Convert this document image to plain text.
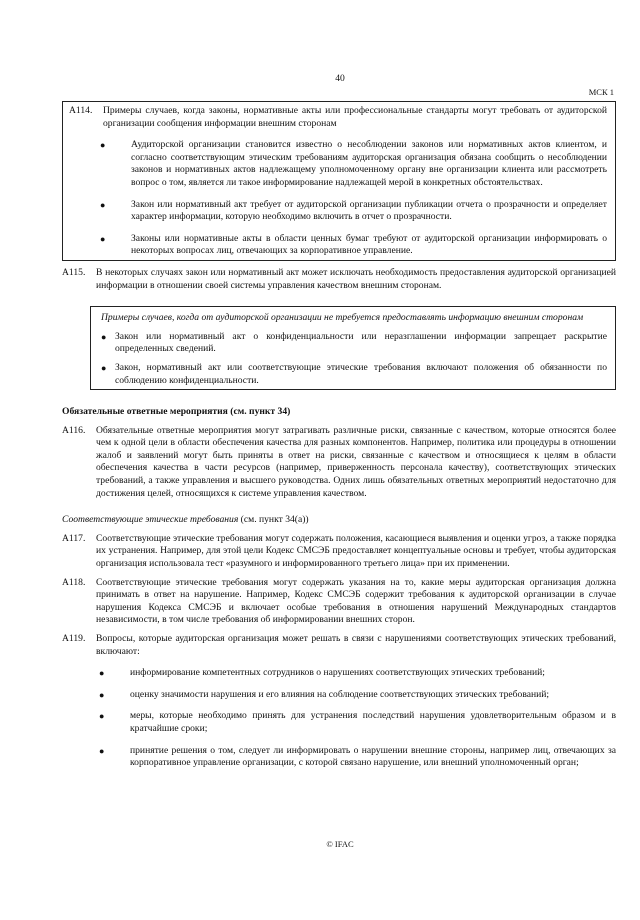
40
МСК 1
A114.	Примеры случаев, когда законы, нормативные акты или профессиональные стандарты могут требовать от аудиторской организации сообщения информации внешним сторонам
●	Аудиторской организации становится известно о несоблюдении законов или нормативных актов клиентом, и согласно соответствующим этическим требованиям аудиторская организация обязана сообщить о несоблюдении законов и нормативных актов надлежащему уполномоченному органу вне организации клиента или рассмотреть вопрос о том, является ли такое информирование надлежащей мерой в конкретных обстоятельствах.
●	Закон или нормативный акт требует от аудиторской организации публикации отчета о прозрачности и определяет характер информации, которую необходимо включить в отчет о прозрачности.
●	Законы или нормативные акты в области ценных бумаг требуют от аудиторской организации информировать о некоторых вопросах лиц, отвечающих за корпоративное управление.
A115.	В некоторых случаях закон или нормативный акт может исключать необходимость предоставления аудиторской организацией информации в отношении своей системы управления качеством внешним сторонам.
Примеры случаев, когда от аудиторской организации не требуется предоставлять информацию внешним сторонам
● Закон или нормативный акт о конфиденциальности или неразглашении информации запрещает раскрытие определенных сведений.
● Закон, нормативный акт или соответствующие этические требования включают положения об обязанности по соблюдению конфиденциальности.
Обязательные ответные мероприятия (см. пункт 34)
A116.	Обязательные ответные мероприятия могут затрагивать различные риски, связанные с качеством, которые относятся более чем к одной цели в области обеспечения качества для разных компонентов. Например, политика или процедуры в отношении жалоб и заявлений могут быть приняты в ответ на риски, связанные с качеством и относящиеся к целям в области обеспечения качества в части ресурсов (например, приверженность персонала качеству), соответствующих этических требований, а также управления и высшего руководства. Одних лишь обязательных ответных мероприятий недостаточно для достижения целей, относящихся к системе управления качеством.
Соответствующие этические требования (см. пункт 34(a))
A117.	Соответствующие этические требования могут содержать положения, касающиеся выявления и оценки угроз, а также порядка их устранения. Например, для этой цели Кодекс СМСЭБ предоставляет концептуальные основы и требует, чтобы аудиторская организация использовала тест «разумного и информированного третьего лица» при их применении.
A118.	Соответствующие этические требования могут содержать указания на то, какие меры аудиторская организация должна принимать в ответ на нарушение. Например, Кодекс СМСЭБ содержит требования к аудиторской организации в случае нарушения Кодекса СМСЭБ и включает особые требования в отношения нарушений Международных стандартов независимости, в том числе требования об информировании внешних сторон.
A119.	Вопросы, которые аудиторская организация может решать в связи с нарушениями соответствующих этических требований, включают:
●	информирование компетентных сотрудников о нарушениях соответствующих этических требований;
●	оценку значимости нарушения и его влияния на соблюдение соответствующих этических требований;
●	меры, которые необходимо принять для устранения последствий нарушения удовлетворительным образом и в кратчайшие сроки;
●	принятие решения о том, следует ли информировать о нарушении внешние стороны, например лиц, отвечающих за корпоративное управление организации, с которой связано нарушение, или внешний уполномоченный орган;
© IFAC
